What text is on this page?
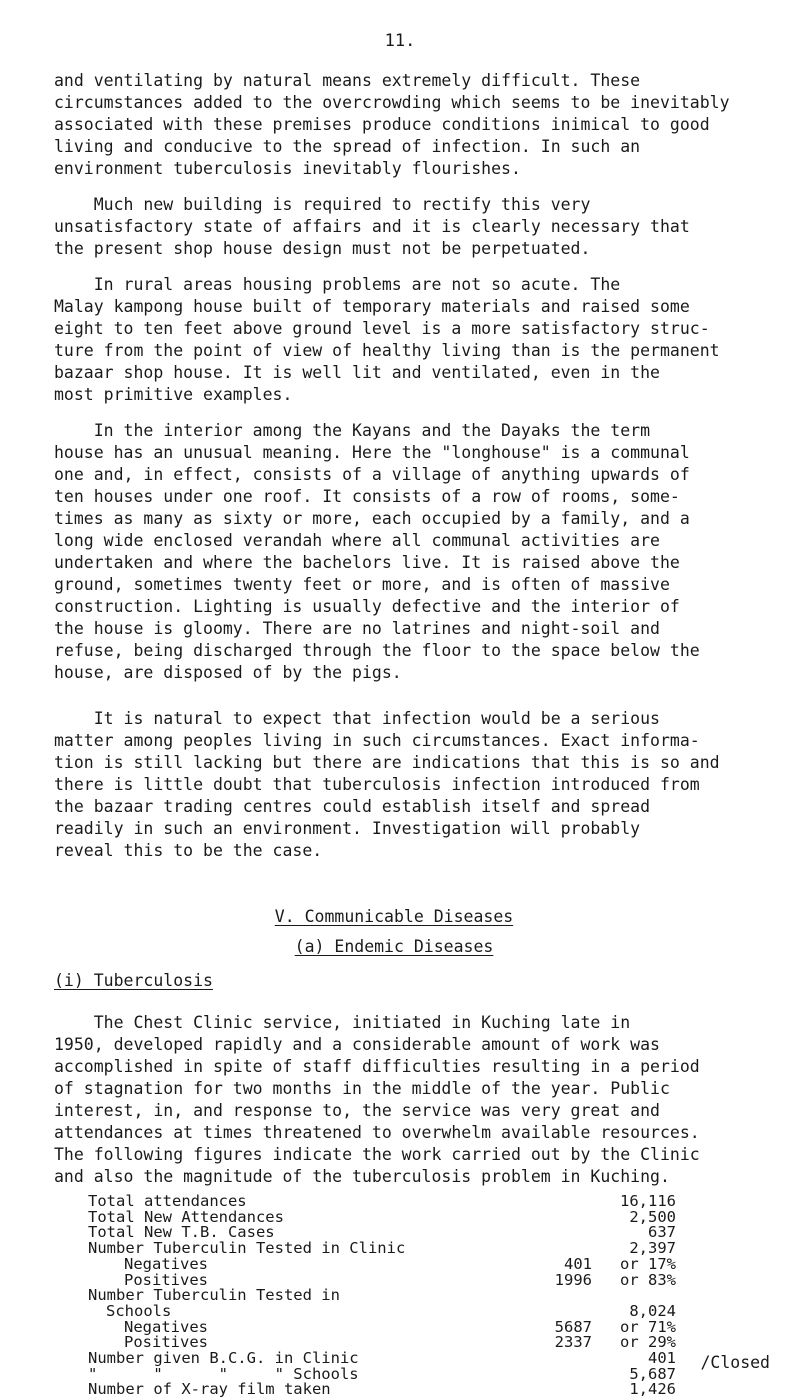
11.

and ventilating by natural means extremely difficult. These

circumstances added to the overcrowding which seems to be inevitably

associated with these premises produce conditions inimical to good

living and conducive to the spread of infection. In such an

environment tuberculosis inevitably flourishes.

Much new building is required to rectify this very

unsatisfactory state of affairs and it is clearly necessary that

the present shop house design must not be perpetuated.

In rural areas housing problems are not so acute. The

Malay kampong house built of temporary materials and raised some

eight to ten feet above ground level is a more satisfactory struc-

ture from the point of view of healthy living than is the permanent

bazaar shop house. It is well lit and ventilated, even in the

most primitive examples.

In the interior among the Kayans and the Dayaks the term

house has an unusual meaning. Here the "longhouse" is a communal

one and, in effect, consists of a village of anything upwards of

ten houses under one roof. It consists of a row of rooms, some-

times as many as sixty or more, each occupied by a family, and a

long wide enclosed verandah where all communal activities are

undertaken and where the bachelors live. It is raised above the

ground, sometimes twenty feet or more, and is often of massive

construction. Lighting is usually defective and the interior of

the house is gloomy. There are no latrines and night-soil and

refuse, being discharged through the floor to the space below the

house, are disposed of by the pigs.

It is natural to expect that infection would be a serious

matter among peoples living in such circumstances. Exact informa-

tion is still lacking but there are indications that this is so and

there is little doubt that tuberculosis infection introduced from

the bazaar trading centres could establish itself and spread

readily in such an environment. Investigation will probably

reveal this to be the case.

V. Communicable Diseases
(a) Endemic Diseases
(i) Tuberculosis

The Chest Clinic service, initiated in Kuching late in

1950, developed rapidly and a considerable amount of work was

accomplished in spite of staff difficulties resulting in a period

of stagnation for two months in the middle of the year. Public

interest, in, and response to, the service was very great and

attendances at times threatened to overwhelm available resources.

The following figures indicate the work carried out by the Clinic

and also the magnitude of the tuberculosis problem in Kuching.

Total attendances	16,116
Total New Attendances	2,500
Total New T.B. Cases	637
Number Tuberculin Tested in Clinic	2,397
Negatives	401	or 17%
Positives	1996	or 83%
Number Tuberculin Tested in
Schools	8,024
Negatives	5687	or 71%
Positives	2337	or 29%
Number given B.C.G. in Clinic	401
"      "      "     " Schools	5,687
Number of X-ray film taken	1,426
/Closed
